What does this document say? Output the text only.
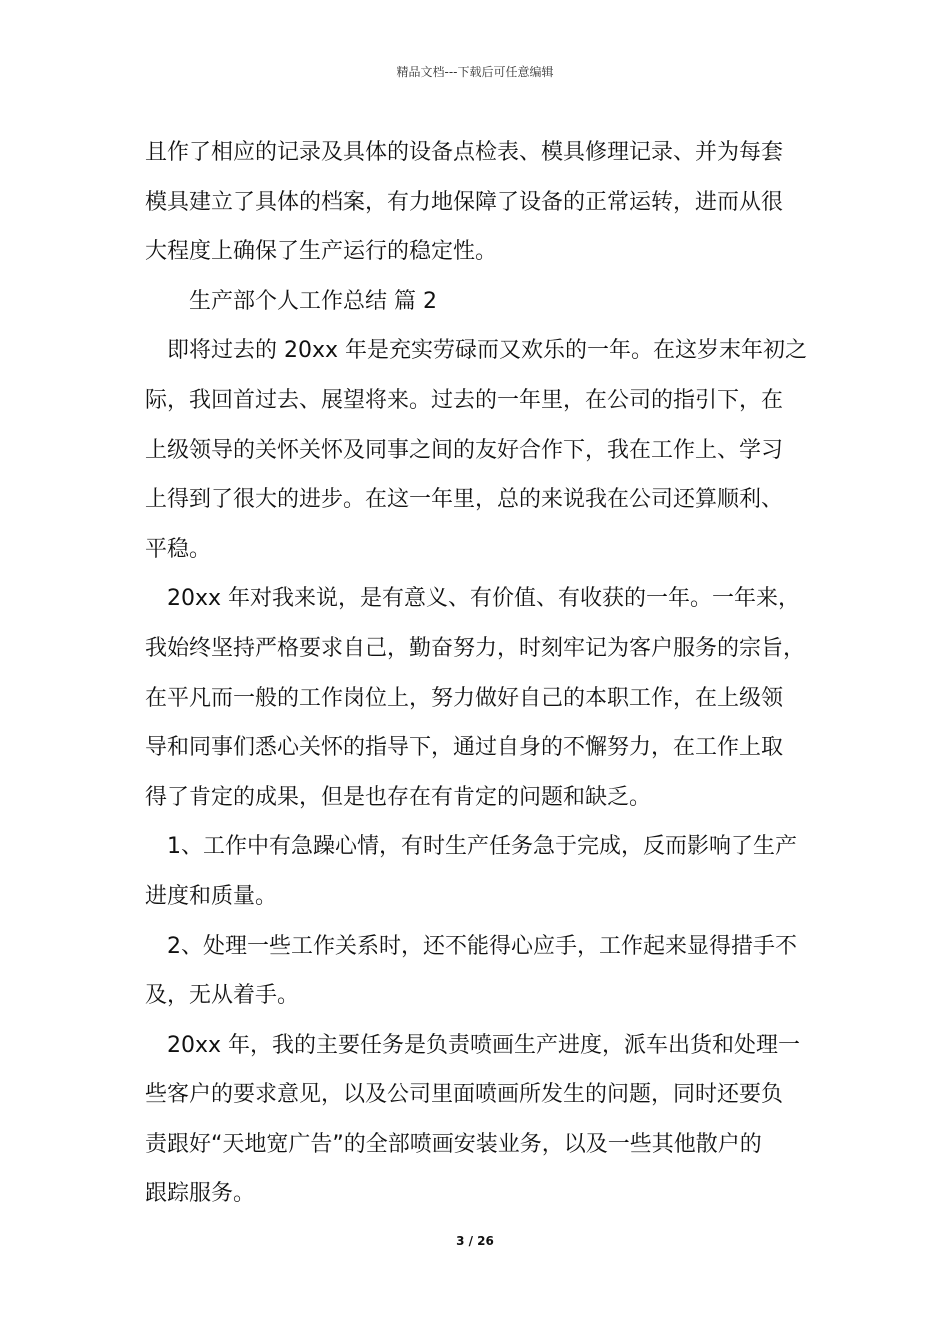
精品文档---下载后可任意编辑
且作了相应的记录及具体的设备点检表、模具修理记录、并为每套
模具建立了具体的档案，有力地保障了设备的正常运转，进而从很
大程度上确保了生产运行的稳定性。
生产部个人工作总结 篇 2
即将过去的 20xx 年是充实劳碌而又欢乐的一年。在这岁末年初之
际，我回首过去、展望将来。过去的一年里，在公司的指引下，在
上级领导的关怀关怀及同事之间的友好合作下，我在工作上、学习
上得到了很大的进步。在这一年里，总的来说我在公司还算顺利、
平稳。
20xx 年对我来说，是有意义、有价值、有收获的一年。一年来，
我始终坚持严格要求自己，勤奋努力，时刻牢记为客户服务的宗旨，
在平凡而一般的工作岗位上，努力做好自己的本职工作，在上级领
导和同事们悉心关怀的指导下，通过自身的不懈努力，在工作上取
得了肯定的成果，但是也存在有肯定的问题和缺乏。
1、工作中有急躁心情，有时生产任务急于完成，反而影响了生产
进度和质量。
2、处理一些工作关系时，还不能得心应手，工作起来显得措手不
及，无从着手。
20xx 年，我的主要任务是负责喷画生产进度，派车出货和处理一
些客户的要求意见，以及公司里面喷画所发生的问题，同时还要负
责跟好“天地宽广告”的全部喷画安装业务，以及一些其他散户的
跟踪服务。
3 / 26
